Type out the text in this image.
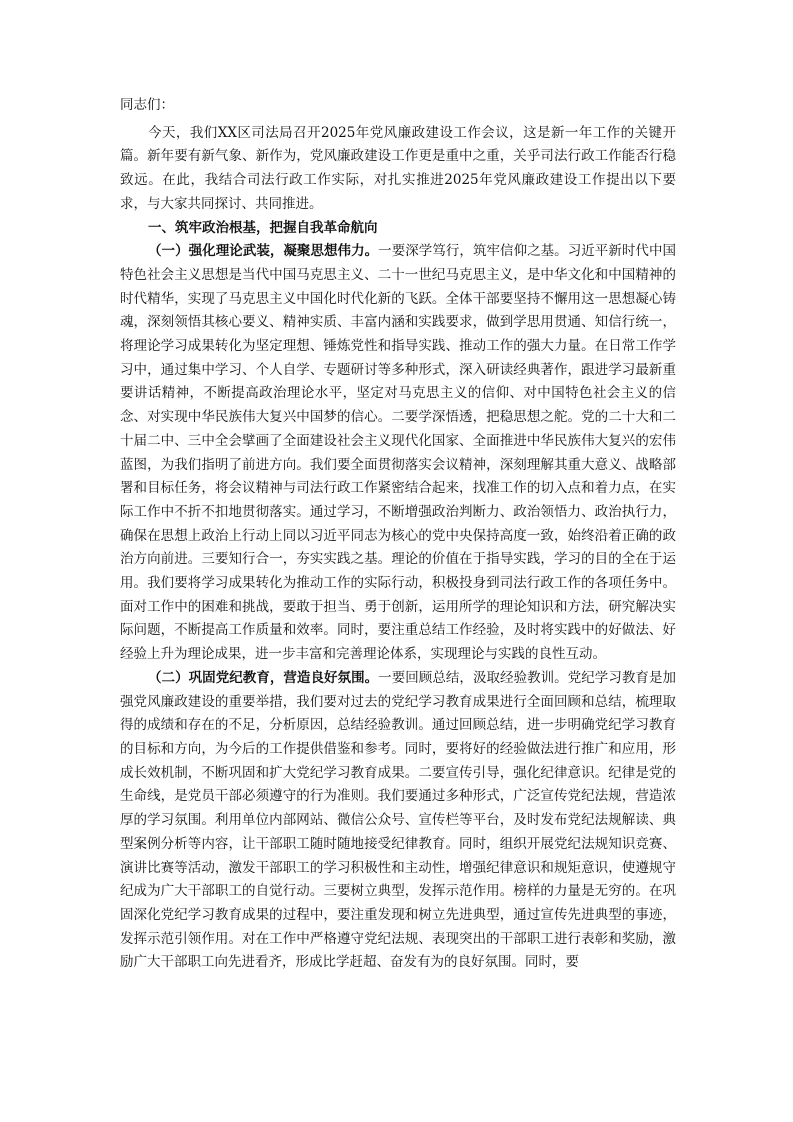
同志们：

今天，我们XX区司法局召开2025年党风廉政建设工作会议，这是新一年工作的关键开篇。新年要有新气象、新作为，党风廉政建设工作更是重中之重，关乎司法行政工作能否行稳致远。在此，我结合司法行政工作实际，对扎实推进2025年党风廉政建设工作提出以下要求，与大家共同探讨、共同推进。

一、筑牢政治根基，把握自我革命航向

（一）强化理论武装，凝聚思想伟力。一要深学笃行，筑牢信仰之基。习近平新时代中国特色社会主义思想是当代中国马克思主义、二十一世纪马克思主义，是中华文化和中国精神的时代精华，实现了马克思主义中国化时代化新的飞跃。全体干部要坚持不懈用这一思想凝心铸魂，深刻领悟其核心要义、精神实质、丰富内涵和实践要求，做到学思用贯通、知信行统一，将理论学习成果转化为坚定理想、锤炼党性和指导实践、推动工作的强大力量。在日常工作学习中，通过集中学习、个人自学、专题研讨等多种形式，深入研读经典著作，跟进学习最新重要讲话精神，不断提高政治理论水平，坚定对马克思主义的信仰、对中国特色社会主义的信念、对实现中华民族伟大复兴中国梦的信心。二要学深悟透，把稳思想之舵。党的二十大和二十届二中、三中全会擘画了全面建设社会主义现代化国家、全面推进中华民族伟大复兴的宏伟蓝图，为我们指明了前进方向。我们要全面贯彻落实会议精神，深刻理解其重大意义、战略部署和目标任务，将会议精神与司法行政工作紧密结合起来，找准工作的切入点和着力点，在实际工作中不折不扣地贯彻落实。通过学习，不断增强政治判断力、政治领悟力、政治执行力，确保在思想上政治上行动上同以习近平同志为核心的党中央保持高度一致，始终沿着正确的政治方向前进。三要知行合一，夯实实践之基。理论的价值在于指导实践，学习的目的全在于运用。我们要将学习成果转化为推动工作的实际行动，积极投身到司法行政工作的各项任务中。面对工作中的困难和挑战，要敢于担当、勇于创新，运用所学的理论知识和方法，研究解决实际问题，不断提高工作质量和效率。同时，要注重总结工作经验，及时将实践中的好做法、好经验上升为理论成果，进一步丰富和完善理论体系，实现理论与实践的良性互动。

（二）巩固党纪教育，营造良好氛围。一要回顾总结，汲取经验教训。党纪学习教育是加强党风廉政建设的重要举措，我们要对过去的党纪学习教育成果进行全面回顾和总结，梳理取得的成绩和存在的不足，分析原因，总结经验教训。通过回顾总结，进一步明确党纪学习教育的目标和方向，为今后的工作提供借鉴和参考。同时，要将好的经验做法进行推广和应用，形成长效机制，不断巩固和扩大党纪学习教育成果。二要宣传引导，强化纪律意识。纪律是党的生命线，是党员干部必须遵守的行为准则。我们要通过多种形式，广泛宣传党纪法规，营造浓厚的学习氛围。利用单位内部网站、微信公众号、宣传栏等平台，及时发布党纪法规解读、典型案例分析等内容，让干部职工随时随地接受纪律教育。同时，组织开展党纪法规知识竞赛、演讲比赛等活动，激发干部职工的学习积极性和主动性，增强纪律意识和规矩意识，使遵规守纪成为广大干部职工的自觉行动。三要树立典型，发挥示范作用。榜样的力量是无穷的。在巩固深化党纪学习教育成果的过程中，要注重发现和树立先进典型，通过宣传先进典型的事迹，发挥示范引领作用。对在工作中严格遵守党纪法规、表现突出的干部职工进行表彰和奖励，激励广大干部职工向先进看齐，形成比学赶超、奋发有为的良好氛围。同时，要
